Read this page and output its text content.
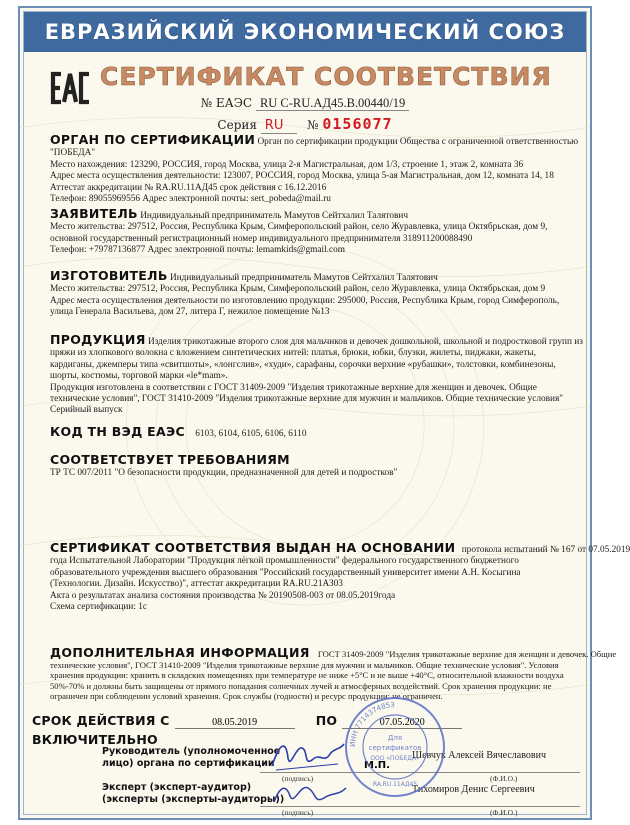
ЕВРАЗИЙСКИЙ ЭКОНОМИЧЕСКИЙ СОЮЗ
СЕРТИФИКАТ СООТВЕТСТВИЯ
№ ЕАЭС RU C-RU.АД45.B.00440/19
Серия RU № 0156077
ОРГАН ПО СЕРТИФИКАЦИИ Орган по сертификации продукции Общества с ограниченной ответственностью
"ПОБЕДА"
Место нахождения: 123290, РОССИЯ, город Москва, улица 2-я Магистральная, дом 1/3, строение 1, этаж 2, комната 36
Адрес места осуществления деятельности: 123007, РОССИЯ, город Москва, улица 5-ая Магистральная, дом 12, комната 14, 18
Аттестат аккредитации № RA.RU.11АД45 срок действия с 16.12.2016
Телефон: 89055969556 Адрес электронной почты: sert_pobeda@mail.ru
ЗАЯВИТЕЛЬ Индивидуальный предприниматель Мамутов Сейтхалил Талятович
Место жительства: 297512, Россия, Республика Крым, Симферопольский район, село Журавлевка, улица Октябрьская, дом 9,
основной государственный регистрационный номер индивидуального предпринимателя 318911200088490
Телефон: +79787136877 Адрес электронной почты: lemamkids@gmail.com
ИЗГОТОВИТЕЛЬ Индивидуальный предприниматель Мамутов Сейтхалил Талятович
Место жительства: 297512, Россия, Республика Крым, Симферопольский район, село Журавлевка, улица Октябрьская, дом 9
Адрес места осуществления деятельности по изготовлению продукции: 295000, Россия, Республика Крым, город Симферополь,
улица Генерала Васильева, дом 27, литера Г, нежилое помещение №13
ПРОДУКЦИЯ Изделия трикотажные второго слоя для мальчиков и девочек дошкольной, школьной и подростковой групп из
пряжи из хлопкового волокна с вложением синтетических нитей: платья, брюки, юбки, блузки, жилеты, пиджаки, жакеты,
кардиганы, джемперы типа «свитшоты», «лонгслив», «худи», сарафаны, сорочки верхние «рубашки», толстовки, комбинезоны,
шорты, костюмы, торговой марки «le*mam».
Продукция изготовлена в соответствии с ГОСТ 31409-2009 "Изделия трикотажные верхние для женщин и девочек. Общие
технические условия", ГОСТ 31410-2009 "Изделия трикотажные верхние для мужчин и мальчиков. Общие технические условия"
Серийный выпуск
КОД ТН ВЭД ЕАЭС 6103, 6104, 6105, 6106, 6110
СООТВЕТСТВУЕТ ТРЕБОВАНИЯМ
ТР ТС 007/2011 "О безопасности продукции, предназначенной для детей и подростков"
СЕРТИФИКАТ СООТВЕТСТВИЯ ВЫДАН НА ОСНОВАНИИ протокола испытаний № 167 от 07.05.2019
года Испытательной Лаборатории "Продукция лёгкой промышленности" федерального государственного бюджетного
образовательного учреждения высшего образования "Российский государственный университет имени А.Н. Косыгина
(Технологии. Дизайн. Искусство)", аттестат аккредитации RA.RU.21АЗ03
Акта о результатах анализа состояния производства № 20190508-003 от 08.05.2019года
Схема сертификации: 1с
ДОПОЛНИТЕЛЬНАЯ ИНФОРМАЦИЯ ГОСТ 31409-2009 "Изделия трикотажные верхние для женщин и девочек. Общие
технические условия", ГОСТ 31410-2009 "Изделия трикотажные верхние для мужчин и мальчиков. Общие технические условия". Условия
хранения продукции: хранить в складских помещениях при температуре не ниже +5°С и не выше +40°С, относительной влажности воздуха
50%-70% и должны быть защищены от прямого попадания солнечных лучей и атмосферных воздействий. Срок хранения продукции: не
ограничен при соблюдении условий хранения. Срок службы (годности) и ресурс продукции: не ограничен.
СРОК ДЕЙСТВИЯ С	08.05.2019	ПО	07.05.2020
ВКЛЮЧИТЕЛЬНО
Руководитель (уполномоченное
лицо) органа по сертификации
Шевчук Алексей Вячеславович
(подпись)	(Ф.И.О.)
М.П.
Эксперт (эксперт-аудитор)
(эксперты (эксперты-аудиторы))
Тихомиров Денис Сергеевич
(подпись)	(Ф.И.О.)
ИНН 7714374853
Для
сертификатов
ООО «ПОБЕДА»
RA.RU.11АД45
